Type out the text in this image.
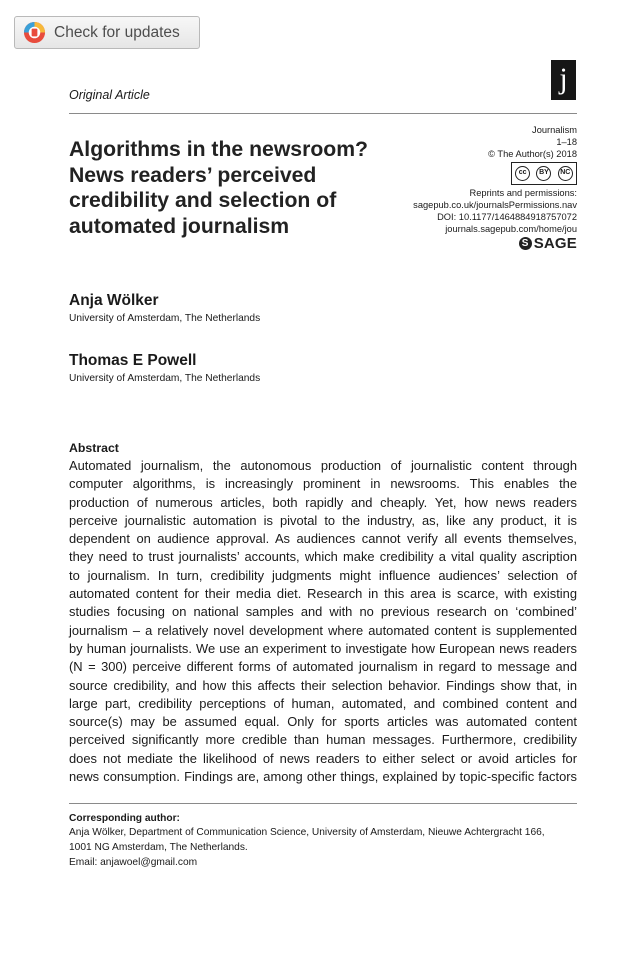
Check for updates
Original Article	j
Algorithms in the newsroom? News readers’ perceived credibility and selection of automated journalism
Journalism
1–18
© The Author(s) 2018
cc	BY	NC
Reprints and permissions:
sagepub.co.uk/journalsPermissions.nav
DOI: 10.1177/1464884918757072
journals.sagepub.com/home/jou
S SAGE
Anja Wölker
University of Amsterdam, The Netherlands
Thomas E Powell
University of Amsterdam, The Netherlands
Abstract
Automated journalism, the autonomous production of journalistic content through
computer algorithms, is increasingly prominent in newsrooms. This enables the
production of numerous articles, both rapidly and cheaply. Yet, how news readers
perceive journalistic automation is pivotal to the industry, as, like any product, it is
dependent on audience approval. As audiences cannot verify all events themselves,
they need to trust journalists’ accounts, which make credibility a vital quality ascription
to journalism. In turn, credibility judgments might influence audiences’ selection of
automated content for their media diet. Research in this area is scarce, with existing
studies focusing on national samples and with no previous research on ‘combined’
journalism – a relatively novel development where automated content is supplemented
by human journalists. We use an experiment to investigate how European news readers
(N = 300) perceive different forms of automated journalism in regard to message and
source credibility, and how this affects their selection behavior. Findings show that, in
large part, credibility perceptions of human, automated, and combined content and
source(s) may be assumed equal. Only for sports articles was automated content
perceived significantly more credible than human messages. Furthermore, credibility
does not mediate the likelihood of news readers to either select or avoid articles for
news consumption. Findings are, among other things, explained by topic-specific factors
Corresponding author:
Anja Wölker, Department of Communication Science, University of Amsterdam, Nieuwe Achtergracht 166,
1001 NG Amsterdam, The Netherlands.
Email: anjawoel@gmail.com
